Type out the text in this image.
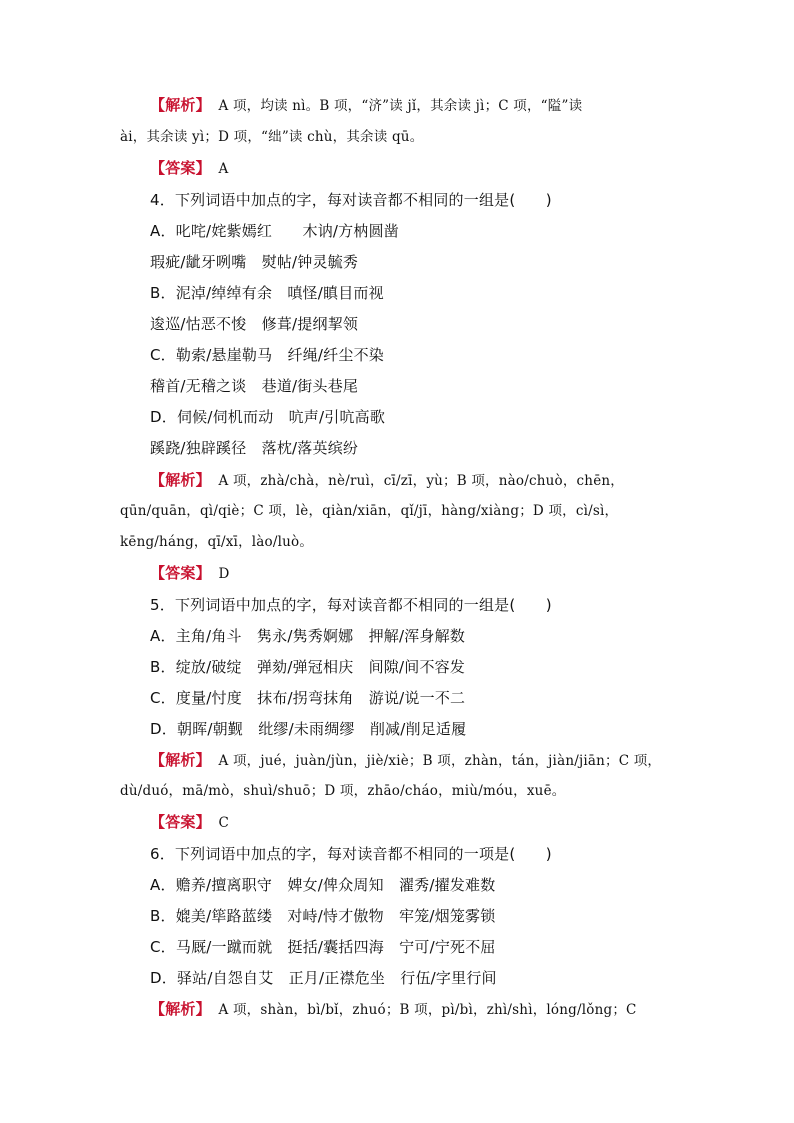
【解析】　 A 项，均读 nì。B 项，“济”读 jǐ，其余读 jì；C 项，“隘”读
ài，其余读 yì；D 项，“绌”读 chù，其余读 qū。
【答案】　 A
4．下列词语中加点的字，每对读音都不相同的一组是(　　)
A．叱咤/姹紫嫣红　　木讷/方枘圆凿
瑕疵/龇牙咧嘴　熨帖/钟灵毓秀
B．泥淖/绰绰有余　嗔怪/瞋目而视
逡巡/怙恶不悛　修葺/提纲挈领
C．勒索/悬崖勒马　纤绳/纤尘不染
稽首/无稽之谈　巷道/街头巷尾
D．伺候/伺机而动　吭声/引吭高歌
蹊跷/独辟蹊径　落枕/落英缤纷
【解析】　 A 项，zhà/chà，nè/ruì，cī/zī，yù；B 项，nào/chuò，chēn，
qūn/quān，qì/qiè；C 项，lè，qiàn/xiān，qǐ/jī，hàng/xiàng；D 项，cì/sì，
kēng/háng，qī/xī，lào/luò。
【答案】　 D
5．下列词语中加点的字，每对读音都不相同的一组是(　　)
A．主角/角斗　隽永/隽秀婀娜　押解/浑身解数
B．绽放/破绽　弹劾/弹冠相庆　间隙/间不容发
C．度量/忖度　抹布/拐弯抹角　游说/说一不二
D．朝晖/朝觐　纰缪/未雨绸缪　削减/削足适履
【解析】　 A 项，jué，juàn/jùn，jiè/xiè；B 项，zhàn，tán，jiàn/jiān；C 项，
dù/duó，mā/mò，shuì/shuō；D 项，zhāo/cháo，miù/móu，xuē。
【答案】　 C
6．下列词语中加点的字，每对读音都不相同的一项是(　　)
A．赡养/擅离职守　婢女/俾众周知　濯秀/擢发难数
B．媲美/筚路蓝缕　对峙/恃才傲物　牢笼/烟笼雾锁
C．马厩/一蹴而就　挺括/囊括四海　宁可/宁死不屈
D．驿站/自怨自艾　正月/正襟危坐　行伍/字里行间
【解析】　 A 项，shàn，bì/bǐ，zhuó；B 项，pì/bì，zhì/shì，lóng/lǒng；C
